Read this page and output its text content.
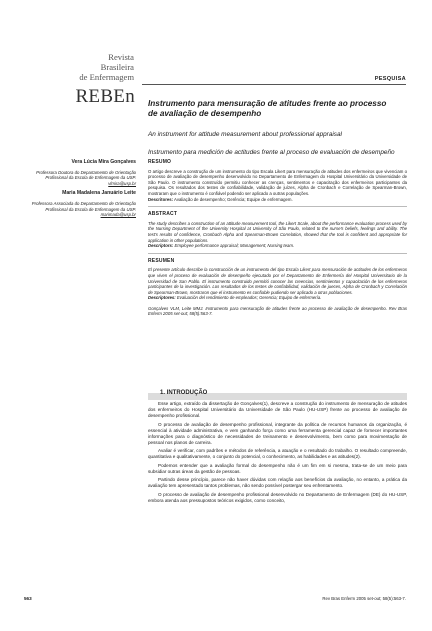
Revista
Brasileira
de Enfermagem
REBEn
PESQUISA
Instrumento para mensuração de atitudes frente ao processo de avaliação de desempenho
An instrument for attitude measurement about professional appraisal
Instrumento para medición de actitudes frente al proceso de evaluación de desempeño
Vera Lúcia Mira Gonçalves
Professora Doutora do Departamento de Orientação Profissional da Escola de Enfermagem da USP.
vlmira@usp.br
Maria Madalena Januário Leite
Professora Associada do Departamento de Orientação Profissional da Escola de Enfermagem da USP.
marimada@usp.br
RESUMO

O artigo descreve a construção de um instrumento do tipo Escala Likert para mensuração de atitudes dos enfermeiros que vivenciam o processo de avaliação de desempenho desenvolvido no Departamento de Enfermagem do Hospital Universitário da Universidade de São Paulo. O instrumento construído permitiu conhecer as crenças, sentimentos e capacitação dos enfermeiros participantes da pesquisa. Os resultados dos testes de confiabilidade, validação de juízes, Alpha de Cronbach e Correlação de Spearman-Brown, mostraram que o instrumento é confiável podendo ser aplicado a outras populações.

Descritores: Avaliação de desempenho; Gerência; Equipe de enfermagem.

ABSTRACT

The study describes a construction of an attitude measurement tool, the Likert Scale, about the performance evaluation process used by the Nursing Department of the University Hospital at University of São Paulo, related to the nurse's beliefs, feelings and ability. The test's results of confidence, Cronbach Alpha and Spearman-Brown Correlation, showed that the tool is confident and appropriate for application in other populations.

Descriptors: Employee performance appraisal; Management; Nursing team.

RESUMEN

El presente artículo describe la construcción de un instrumento del tipo Escala Likert para mensuración de actitudes de los enfermeros que viven el proceso de evaluación de desempeño ejecutado por el Departamento de Enfermería del Hospital Universitario de la Universidad de San Pablo. El instrumento construido permitió conocer las creencias, sentimientos y capacitación de los enfermeros participantes de la investigación. Los resultados de los testes de confiabilidad, validación de jueces, Alpha de Cronbach y Correlación de Spearman-Brown, mostraron que el instrumento es confiable pudiendo ser aplicado a otras poblaciones.

Descriptores: Evaluación del rendimiento de empleados; Gerencia; Equipo de enfermería.

Gonçalves VLM, Leite MMJ. Instrumento para mensuração de atitudes frente ao processo de avaliação de desempenho. Rev Bras Enferm 2005 set-out; 58(5):563-7.

1. INTRODUÇÃO

Esse artigo, extraído da dissertação de Gonçalves(1), descreve a construção do instrumento de mensuração de atitudes dos enfermeiros do Hospital Universitário da Universidade de São Paulo (HU-USP) frente ao processo de avaliação de desempenho profissional.

O processo de avaliação de desempenho profissional, integrante da política de recursos humanos da organização, é essencial à atividade administrativa, e vem ganhando força como uma ferramenta gerencial capaz de fornecer importantes informações para o diagnóstico de necessidades de treinamento e desenvolvimento, bem como para movimentação de pessoal nos planos de carreira.

Avaliar é verificar, com padrões e métodos de referência, a atuação e o resultado do trabalho. O resultado compreende, quantitativa e qualitativamente, o conjunto do potencial, o conhecimento, as habilidades e as atitudes(2).

Podemos entender que a avaliação formal do desempenho não é um fim em si mesma, trata-se de um meio para subsidiar outras áreas da gestão de pessoas.

Partindo desse princípio, parece não haver dúvidas com relação aos benefícios da avaliação, no entanto, a prática da avaliação tem apresentado tantos problemas, não sendo possível postergar seu enfrentamento.

O processo de avaliação de desempenho profissional desenvolvido no Departamento de Enfermagem (DE) do HU-USP, embora atenda aos pressupostos teóricos exigidos, como conceito,

563	Rev Bras Enferm 2005 set-out; 58(5):563-7.
